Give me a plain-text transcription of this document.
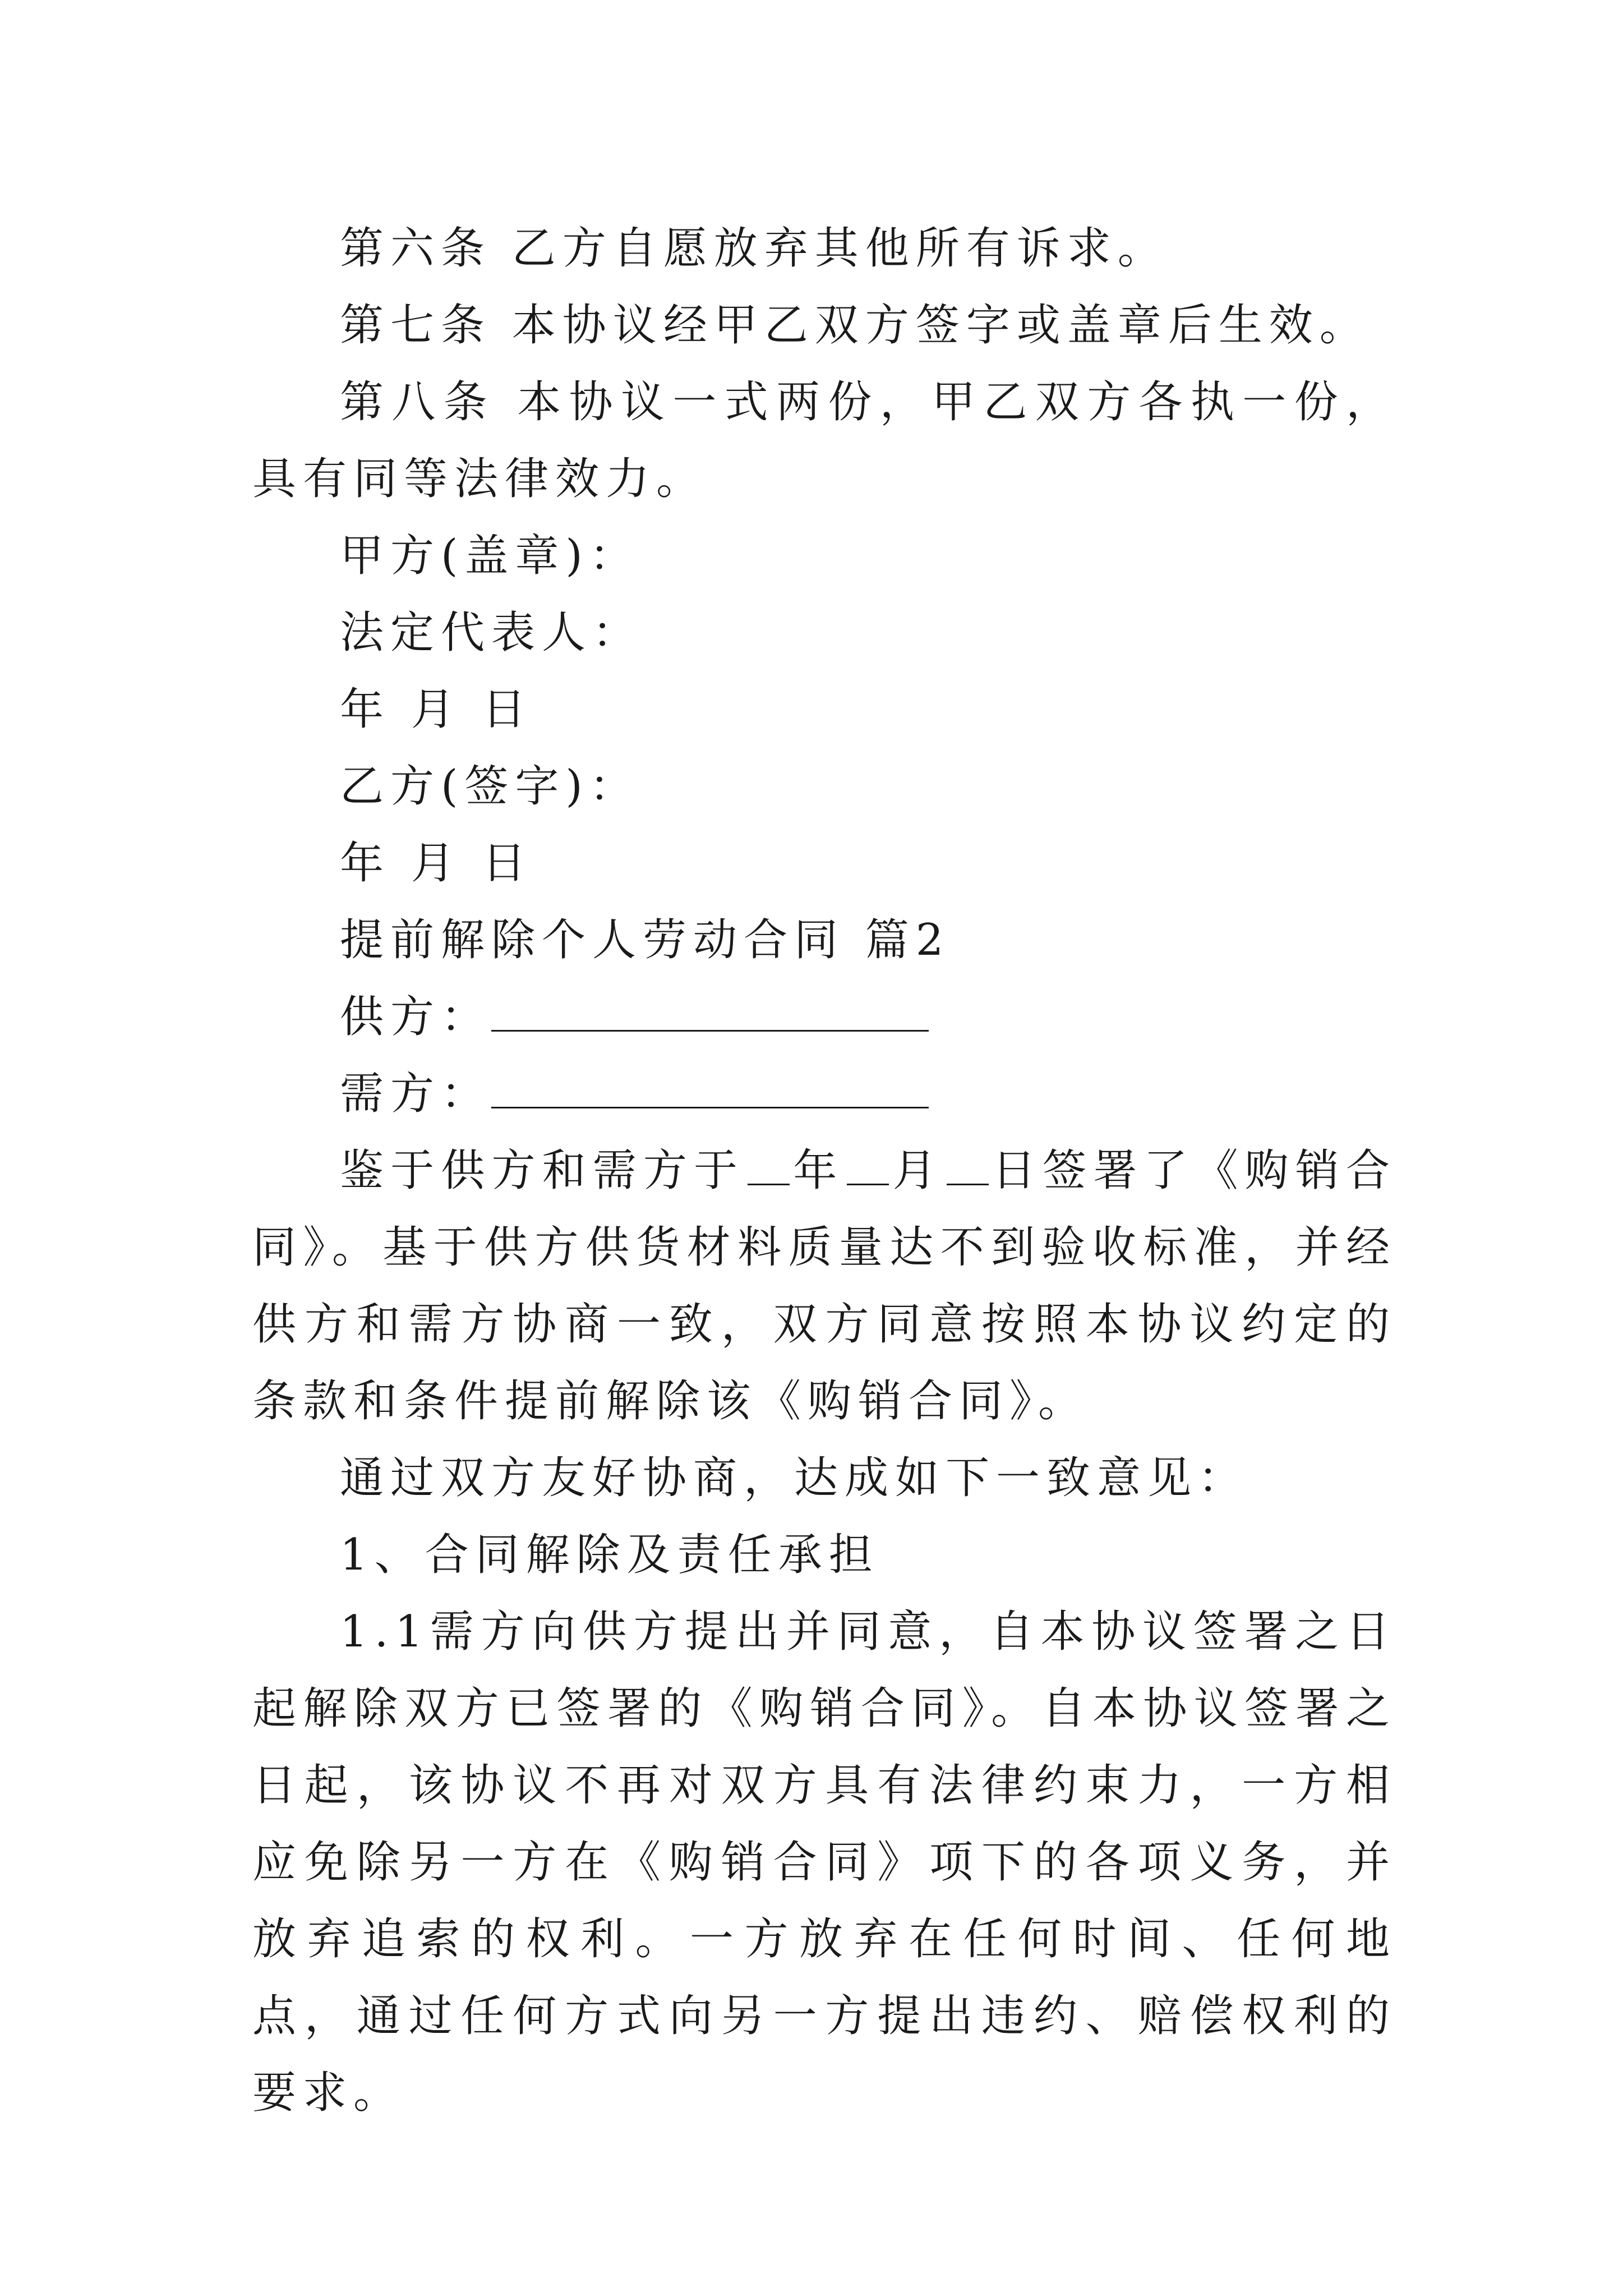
第六条 乙方自愿放弃其他所有诉求。

第七条 本协议经甲乙双方签字或盖章后生效。

第八条 本协议一式两份，甲乙双方各执一份，具有同等法律效力。

甲方(盖章)：

法定代表人：

年 月 日

乙方(签字)：

年 月 日

提前解除个人劳动合同 篇2

供方：

需方：

鉴于供方和需方于 年 月 日签署了《购销合同》。基于供方供货材料质量达不到验收标准，并经供方和需方协商一致，双方同意按照本协议约定的条款和条件提前解除该《购销合同》。

通过双方友好协商，达成如下一致意见：

1、合同解除及责任承担

1.1需方向供方提出并同意，自本协议签署之日起解除双方已签署的《购销合同》。自本协议签署之日起，该协议不再对双方具有法律约束力，一方相应免除另一方在《购销合同》项下的各项义务，并放弃追索的权利。一方放弃在任何时间、任何地点，通过任何方式向另一方提出违约、赔偿权利的要求。
